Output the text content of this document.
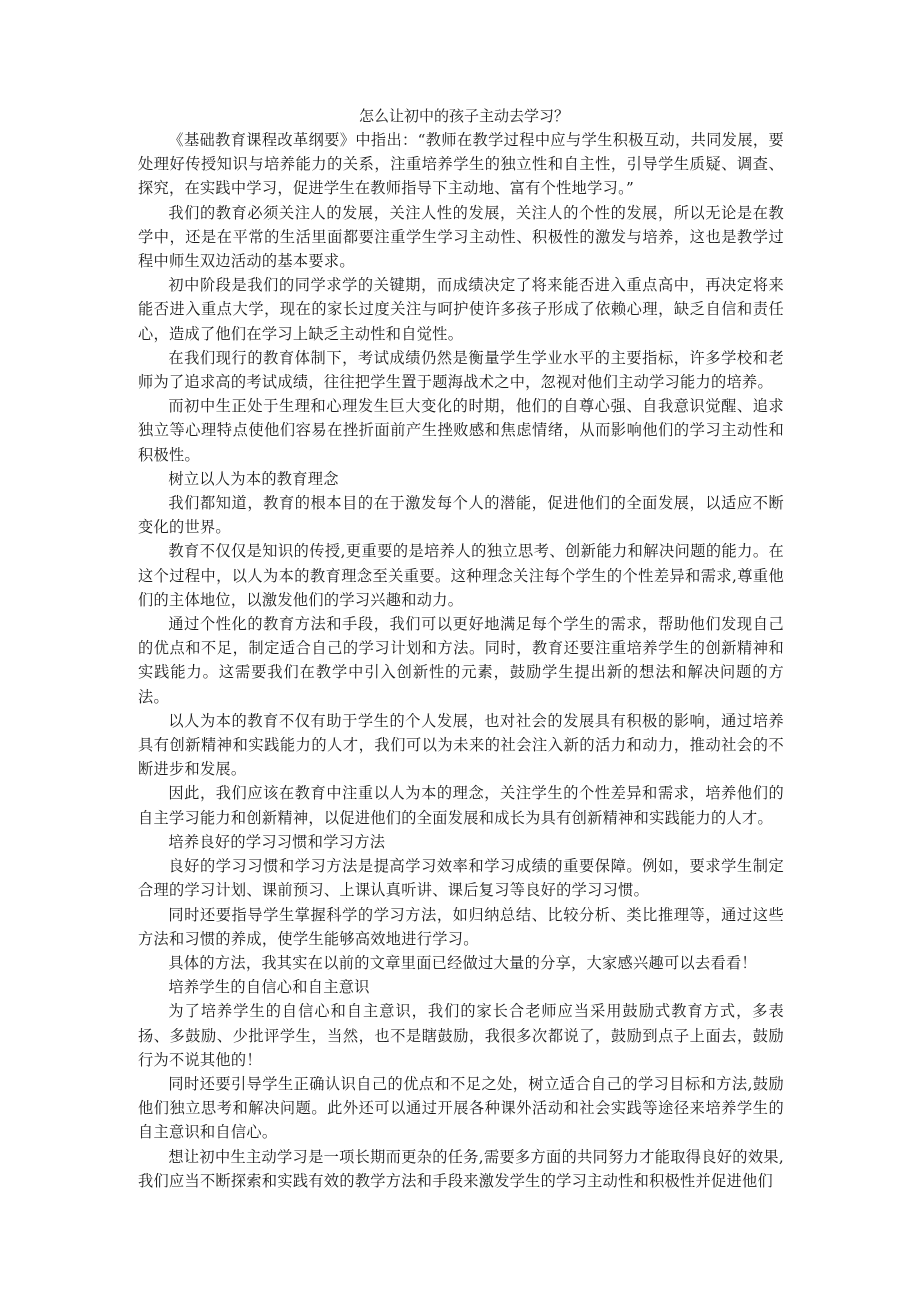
怎么让初中的孩子主动去学习？

《基础教育课程改革纲要》中指出：“教师在教学过程中应与学生积极互动，共同发展，要处理好传授知识与培养能力的关系，注重培养学生的独立性和自主性，引导学生质疑、调查、探究，在实践中学习，促进学生在教师指导下主动地、富有个性地学习。”

我们的教育必须关注人的发展，关注人性的发展，关注人的个性的发展，所以无论是在教学中，还是在平常的生活里面都要注重学生学习主动性、积极性的激发与培养，这也是教学过程中师生双边活动的基本要求。

初中阶段是我们的同学求学的关键期，而成绩决定了将来能否进入重点高中，再决定将来能否进入重点大学，现在的家长过度关注与呵护使许多孩子形成了依赖心理，缺乏自信和责任心，造成了他们在学习上缺乏主动性和自觉性。

在我们现行的教育体制下，考试成绩仍然是衡量学生学业水平的主要指标，许多学校和老师为了追求高的考试成绩，往往把学生置于题海战术之中，忽视对他们主动学习能力的培养。

而初中生正处于生理和心理发生巨大变化的时期，他们的自尊心强、自我意识觉醒、追求独立等心理特点使他们容易在挫折面前产生挫败感和焦虑情绪，从而影响他们的学习主动性和积极性。

树立以人为本的教育理念

我们都知道，教育的根本目的在于激发每个人的潜能，促进他们的全面发展，以适应不断变化的世界。

教育不仅仅是知识的传授,更重要的是培养人的独立思考、创新能力和解决问题的能力。在这个过程中，以人为本的教育理念至关重要。这种理念关注每个学生的个性差异和需求,尊重他们的主体地位，以激发他们的学习兴趣和动力。

通过个性化的教育方法和手段，我们可以更好地满足每个学生的需求，帮助他们发现自己的优点和不足，制定适合自己的学习计划和方法。同时，教育还要注重培养学生的创新精神和实践能力。这需要我们在教学中引入创新性的元素，鼓励学生提出新的想法和解决问题的方法。

以人为本的教育不仅有助于学生的个人发展，也对社会的发展具有积极的影响，通过培养具有创新精神和实践能力的人才，我们可以为未来的社会注入新的活力和动力，推动社会的不断进步和发展。

因此，我们应该在教育中注重以人为本的理念，关注学生的个性差异和需求，培养他们的自主学习能力和创新精神，以促进他们的全面发展和成长为具有创新精神和实践能力的人才。

培养良好的学习习惯和学习方法

良好的学习习惯和学习方法是提高学习效率和学习成绩的重要保障。例如，要求学生制定合理的学习计划、课前预习、上课认真听讲、课后复习等良好的学习习惯。

同时还要指导学生掌握科学的学习方法，如归纳总结、比较分析、类比推理等，通过这些方法和习惯的养成，使学生能够高效地进行学习。

具体的方法，我其实在以前的文章里面已经做过大量的分享，大家感兴趣可以去看看！

培养学生的自信心和自主意识

为了培养学生的自信心和自主意识，我们的家长合老师应当采用鼓励式教育方式，多表扬、多鼓励、少批评学生，当然，也不是瞎鼓励，我很多次都说了，鼓励到点子上面去，鼓励行为不说其他的！

同时还要引导学生正确认识自己的优点和不足之处，树立适合自己的学习目标和方法,鼓励他们独立思考和解决问题。此外还可以通过开展各种课外活动和社会实践等途径来培养学生的自主意识和自信心。

想让初中生主动学习是一项长期而更杂的任务,需要多方面的共同努力才能取得良好的效果,我们应当不断探索和实践有效的教学方法和手段来激发学生的学习主动性和积极性并促进他们
